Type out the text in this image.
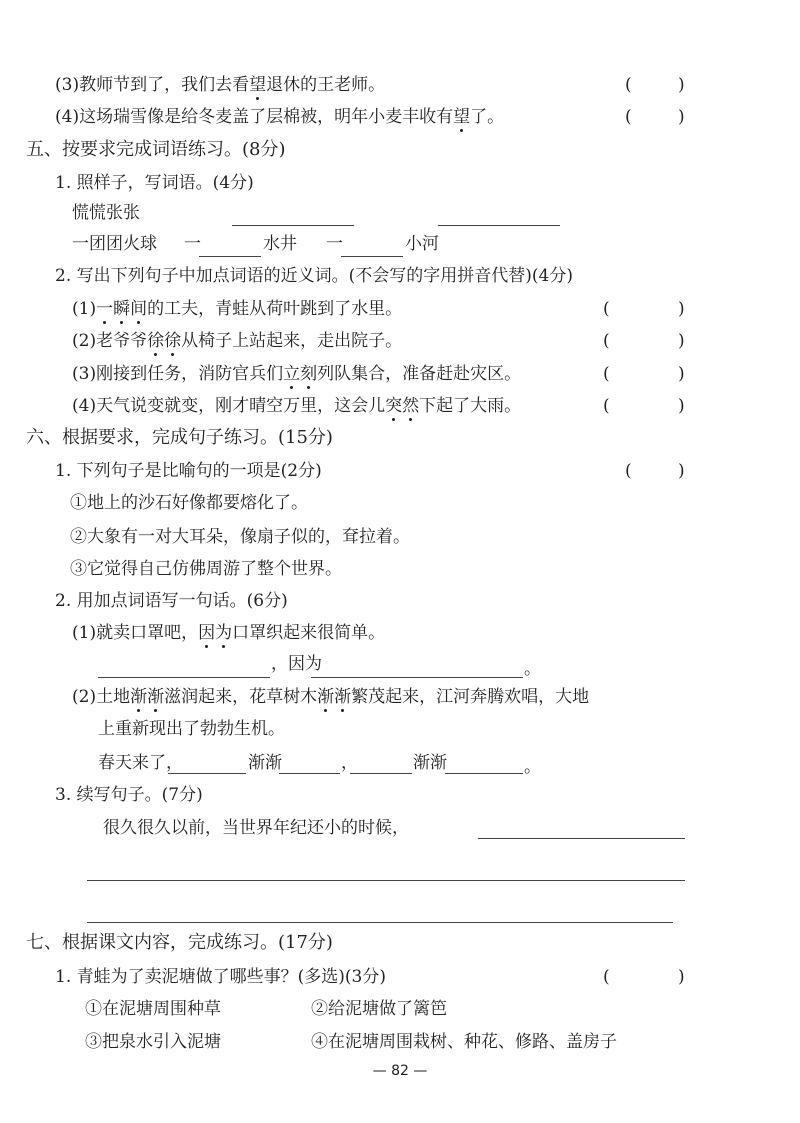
(3)教师节到了，我们去看望退休的王老师。	(	)
(4)这场瑞雪像是给冬麦盖了层棉被，明年小麦丰收有望了。	(	)
五、按要求完成词语练习。(8分)
1. 照样子，写词语。(4分)
慌慌张张
一团团火球 一	水井 一	小河
2. 写出下列句子中加点词语的近义词。(不会写的字用拼音代替)(4分)
(1)一瞬间的工夫，青蛙从荷叶跳到了水里。	(	)
(2)老爷爷徐徐从椅子上站起来，走出院子。	(	)
(3)刚接到任务，消防官兵们立刻列队集合，准备赶赴灾区。	(	)
(4)天气说变就变，刚才晴空万里，这会儿突然下起了大雨。	(	)
六、根据要求，完成句子练习。(15分)
1. 下列句子是比喻句的一项是(2分)	(	)
①地上的沙石好像都要熔化了。
②大象有一对大耳朵，像扇子似的，耷拉着。
③它觉得自己仿佛周游了整个世界。
2. 用加点词语写一句话。(6分)
(1)就卖口罩吧，因为口罩织起来很简单。
，因为	。
(2)土地渐渐滋润起来，花草树木渐渐繁茂起来，江河奔腾欢唱，大地
上重新现出了勃勃生机。
春天来了，	渐渐	，	渐渐	。
3. 续写句子。(7分)
很久很久以前，当世界年纪还小的时候，
七、根据课文内容，完成练习。(17分)
1. 青蛙为了卖泥塘做了哪些事？(多选)(3分)	(	)
①在泥塘周围种草	②给泥塘做了篱笆
③把泉水引入泥塘	④在泥塘周围栽树、种花、修路、盖房子
— 82 —
